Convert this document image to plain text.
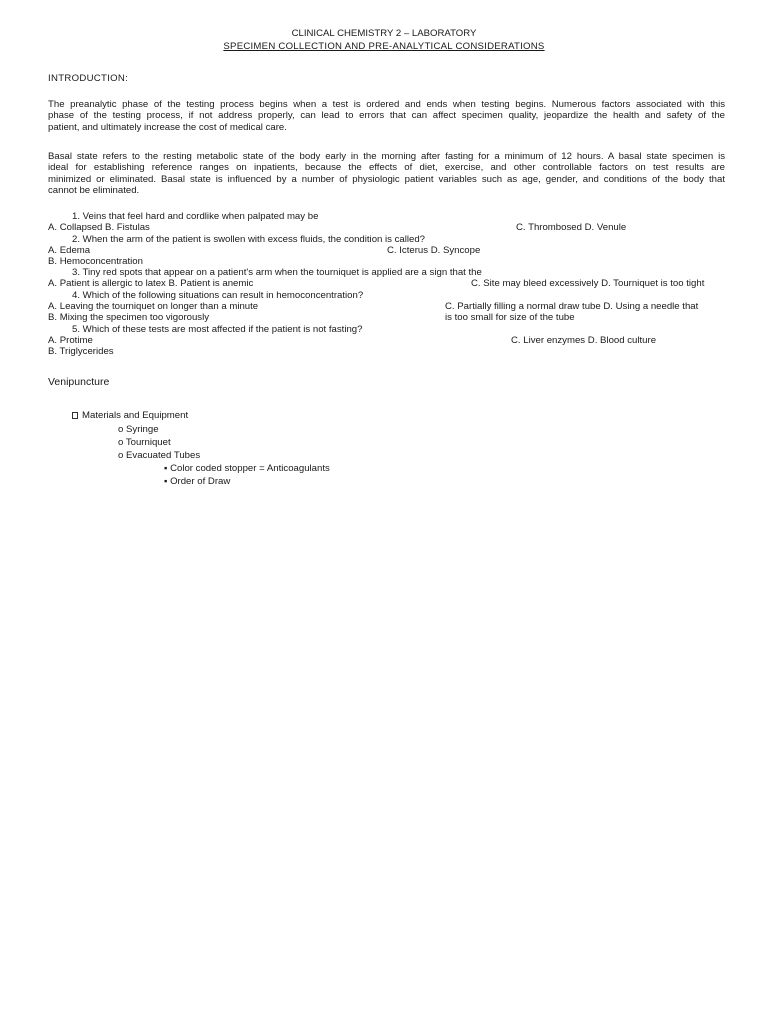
CLINICAL CHEMISTRY 2 – LABORATORY
SPECIMEN COLLECTION AND PRE-ANALYTICAL CONSIDERATIONS
INTRODUCTION:
The preanalytic phase of the testing process begins when a test is ordered and ends when testing begins. Numerous factors associated with this
phase of the testing process, if not address properly, can lead to errors that can affect specimen quality, jeopardize the health and safety of the
patient, and ultimately increase the cost of medical care.
Basal state refers to the resting metabolic state of the body early in the morning after fasting for a minimum of 12 hours. A basal state specimen is
ideal for establishing reference ranges on inpatients, because the effects of diet, exercise, and other controllable factors on test results are
minimized or eliminated. Basal state is influenced by a number of physiologic patient variables such as age, gender, and conditions of the body that
cannot be eliminated.
1. Veins that feel hard and cordlike when palpated may be
A. Collapsed B. Fistulas	C. Thrombosed D. Venule
2. When the arm of the patient is swollen with excess fluids, the condition is called?
A. Edema	C. Icterus D. Syncope
B. Hemoconcentration
3. Tiny red spots that appear on a patient's arm when the tourniquet is applied are a sign that the
A. Patient is allergic to latex B. Patient is anemic	C. Site may bleed excessively D. Tourniquet is too tight
4. Which of the following situations can result in hemoconcentration?
A. Leaving the tourniquet on longer than a minute	C. Partially filling a normal draw tube D. Using a needle that
B. Mixing the specimen too vigorously	is too small for size of the tube
5. Which of these tests are most affected if the patient is not fasting?
A. Protime	C. Liver enzymes D. Blood culture
B. Triglycerides
Venipuncture
Materials and Equipment
o Syringe
o Tourniquet
o Evacuated Tubes
▪ Color coded stopper = Anticoagulants
▪ Order of Draw
